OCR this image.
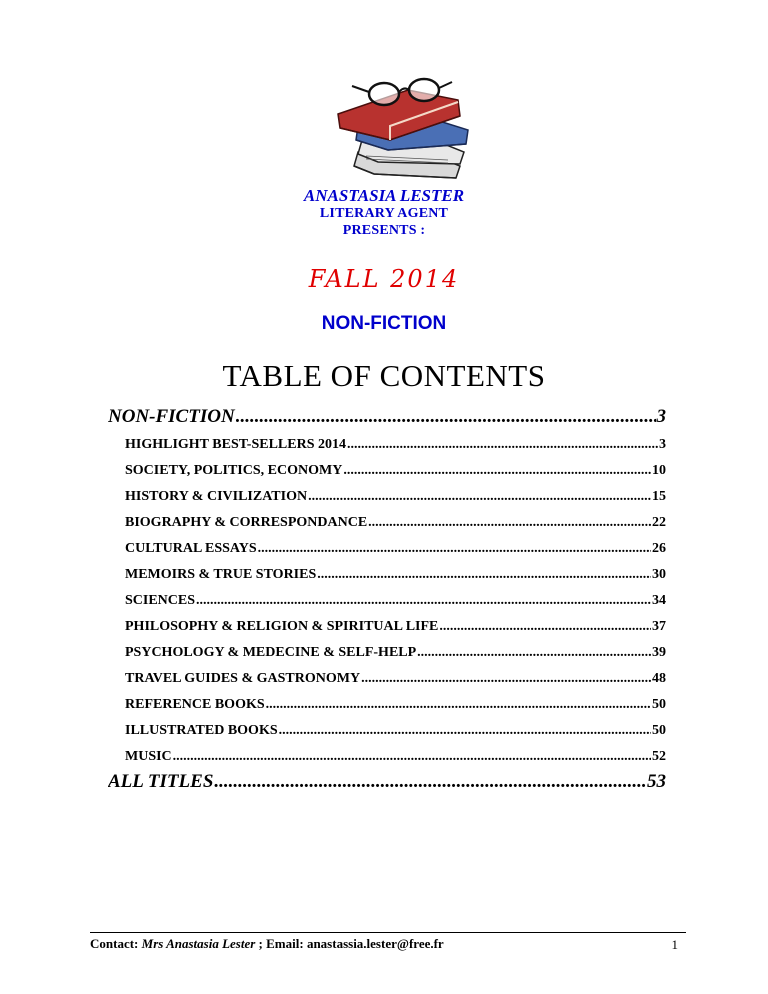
ANASTASIA LESTER
LITERARY AGENT
PRESENTS :
FALL 2014
NON-FICTION
TABLE OF CONTENTS
NON-FICTION .....	3
HIGHLIGHT BEST-SELLERS 2014 .....	3
SOCIETY, POLITICS, ECONOMY .....	10
HISTORY & CIVILIZATION .....	15
BIOGRAPHY & CORRESPONDANCE .....	22
CULTURAL ESSAYS .....	26
MEMOIRS & TRUE STORIES .....	30
SCIENCES .....	34
PHILOSOPHY & RELIGION & SPIRITUAL LIFE .....	37
PSYCHOLOGY & MEDECINE & SELF-HELP .....	39
TRAVEL GUIDES & GASTRONOMY .....	48
REFERENCE BOOKS .....	50
ILLUSTRATED BOOKS .....	50
MUSIC .....	52
ALL TITLES .....	53
Contact: Mrs Anastasia Lester ; Email: anastassia.lester@free.fr	1
